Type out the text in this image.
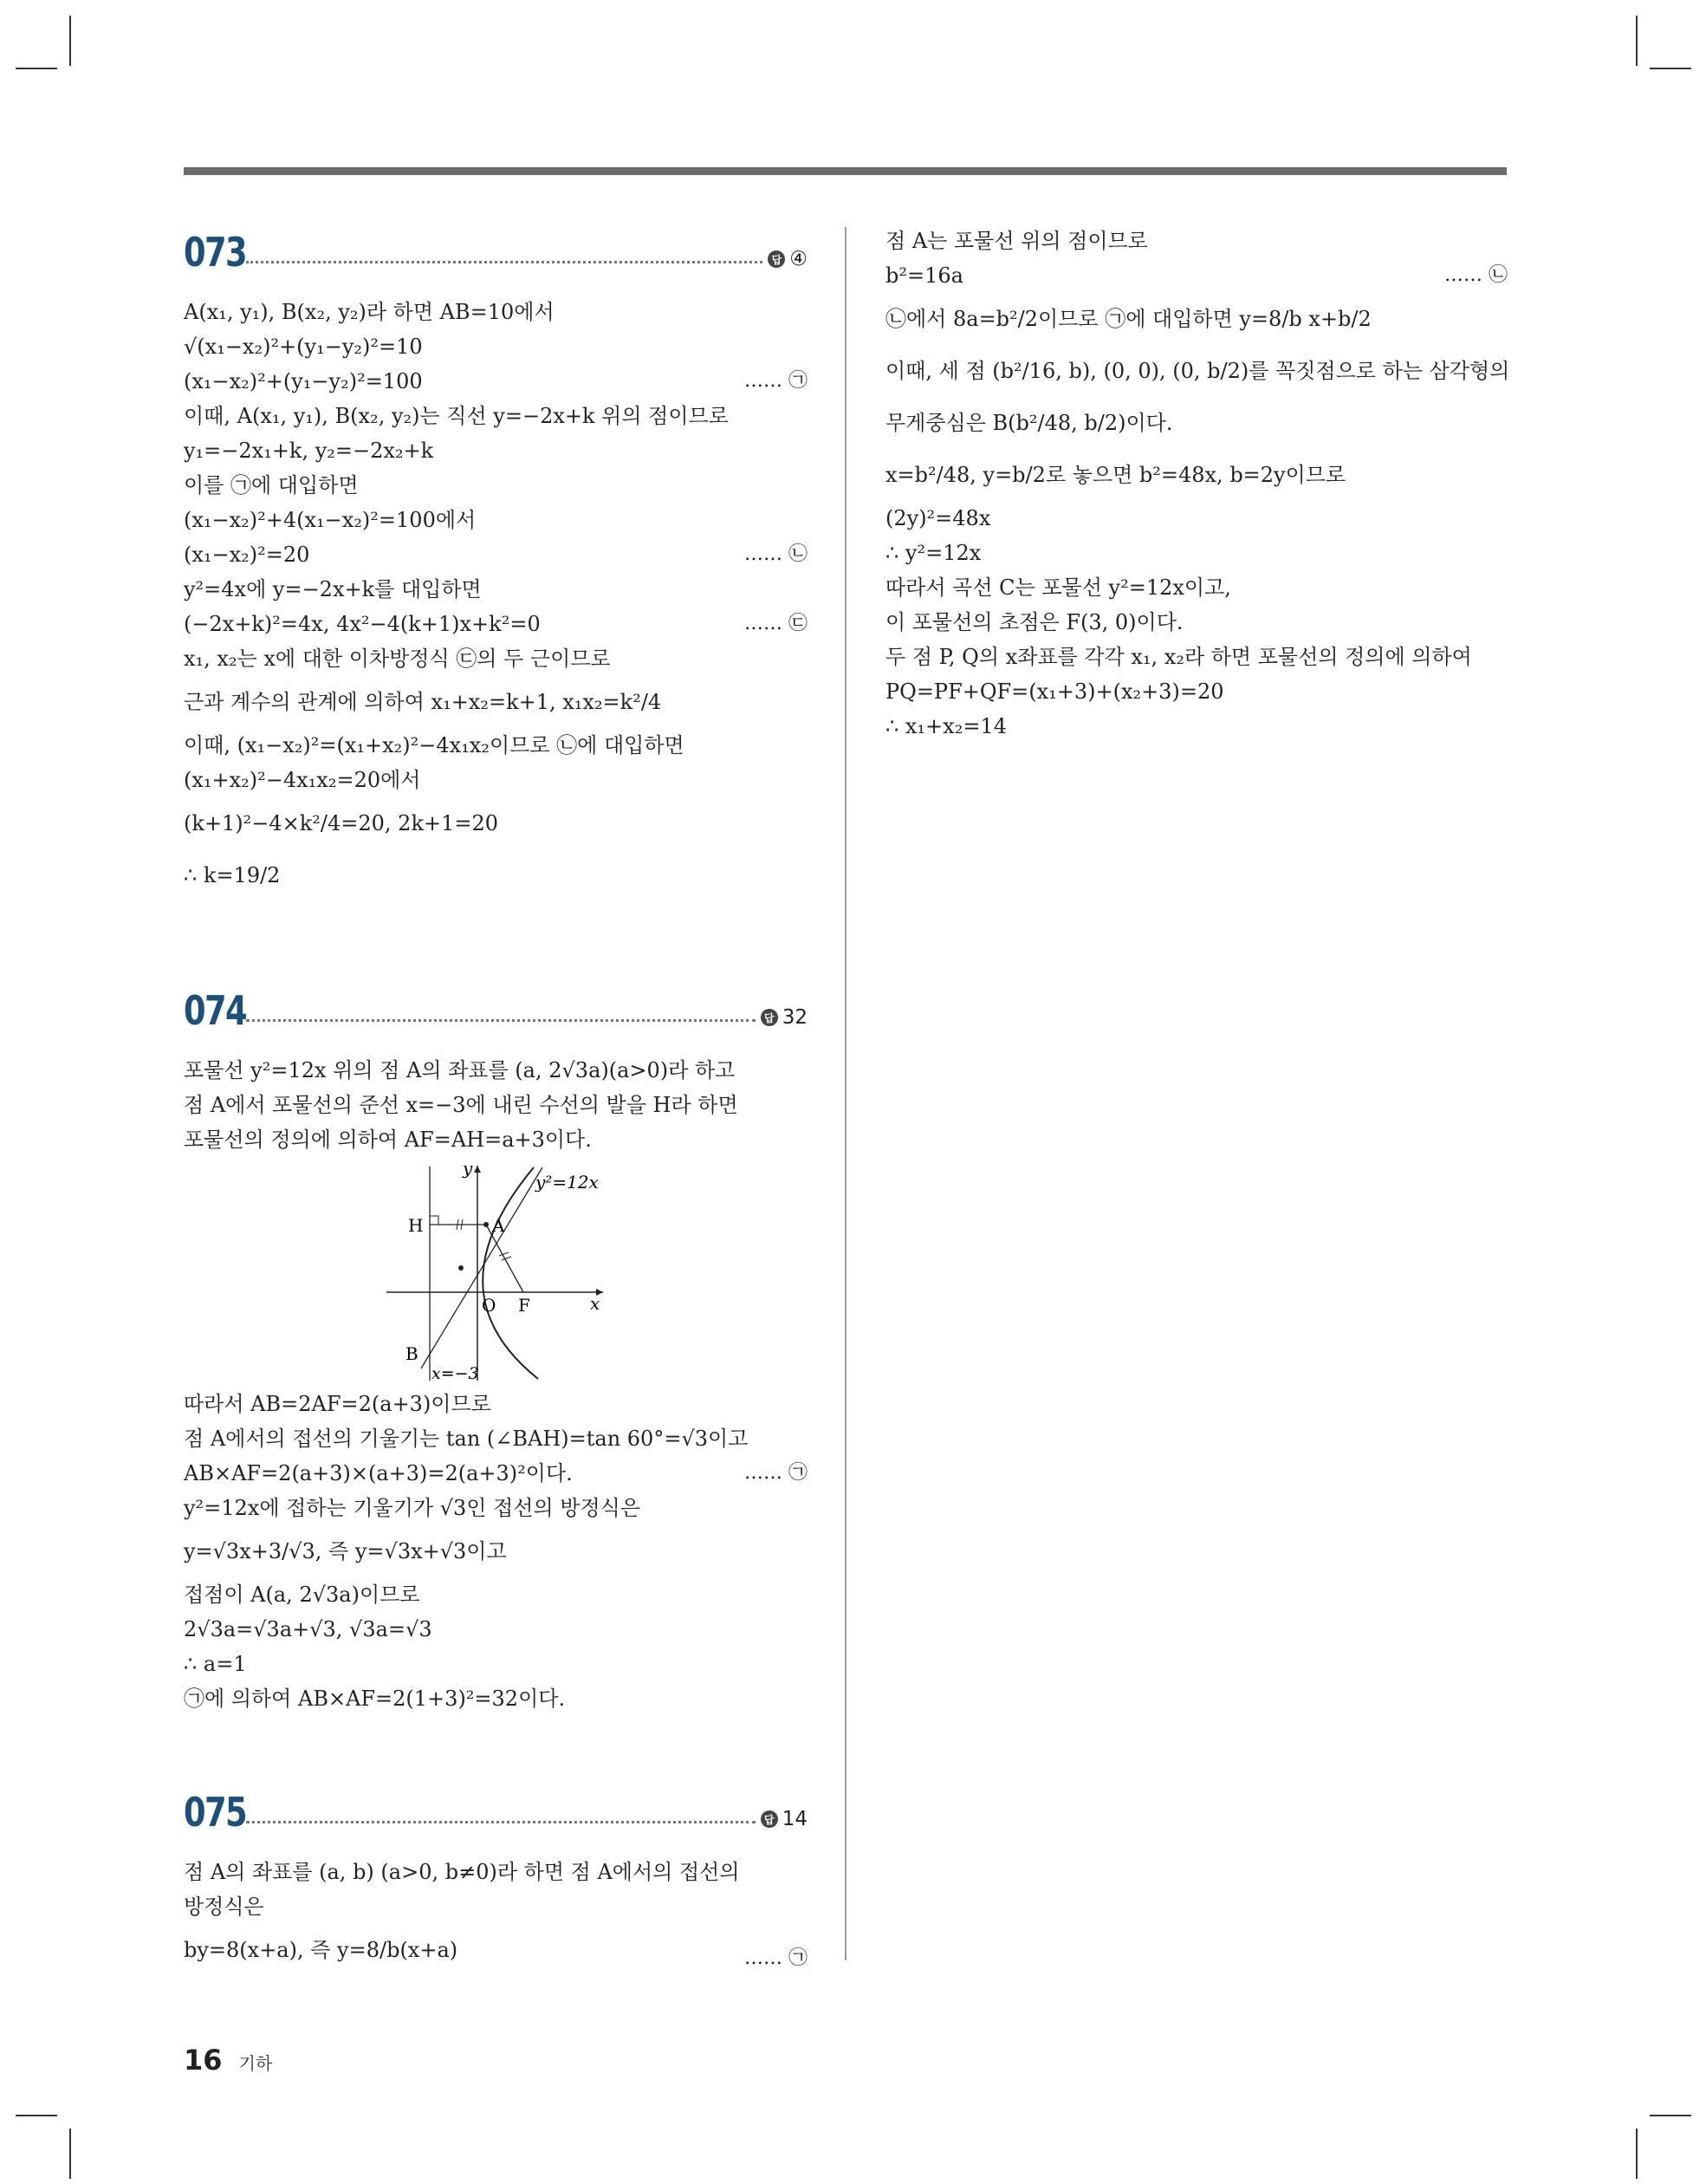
073	답 ④
A(x₁, y₁), B(x₂, y₂)라 하면 AB=10에서
√(x₁−x₂)²+(y₁−y₂)²=10
(x₁−x₂)²+(y₁−y₂)²=100	…… ㉠
이때, A(x₁, y₁), B(x₂, y₂)는 직선 y=−2x+k 위의 점이므로
y₁=−2x₁+k, y₂=−2x₂+k
이를 ㉠에 대입하면
(x₁−x₂)²+4(x₁−x₂)²=100에서
(x₁−x₂)²=20	…… ㉡
y²=4x에 y=−2x+k를 대입하면
(−2x+k)²=4x, 4x²−4(k+1)x+k²=0	…… ㉢
x₁, x₂는 x에 대한 이차방정식 ㉢의 두 근이므로
근과 계수의 관계에 의하여 x₁+x₂=k+1, x₁x₂=k²/4
이때, (x₁−x₂)²=(x₁+x₂)²−4x₁x₂이므로 ㉡에 대입하면
(x₁+x₂)²−4x₁x₂=20에서
(k+1)²−4×k²/4=20, 2k+1=20
∴ k=19/2
074	답 32
포물선 y²=12x 위의 점 A의 좌표를 (a, 2√3a)(a>0)라 하고
점 A에서 포물선의 준선 x=−3에 내린 수선의 발을 H라 하면
포물선의 정의에 의하여 AF=AH=a+3이다.
y²=12x
H	A
O F
B
x
y
x=−3
따라서 AB=2AF=2(a+3)이므로
점 A에서의 접선의 기울기는 tan (∠BAH)=tan 60°=√3이고
AB×AF=2(a+3)×(a+3)=2(a+3)²이다.	…… ㉠
y²=12x에 접하는 기울기가 √3인 접선의 방정식은
y=√3x+3/√3, 즉 y=√3x+√3이고
접점이 A(a, 2√3a)이므로
2√3a=√3a+√3, √3a=√3
∴ a=1
㉠에 의하여 AB×AF=2(1+3)²=32이다.
075	답 14
점 A의 좌표를 (a, b) (a>0, b≠0)라 하면 점 A에서의 접선의
방정식은
by=8(x+a), 즉 y=8/b(x+a)	…… ㉠
점 A는 포물선 위의 점이므로
b²=16a	…… ㉡
㉡에서 8a=b²/2이므로 ㉠에 대입하면 y=8/b x+b/2
이때, 세 점 (b²/16, b), (0, 0), (0, b/2)를 꼭짓점으로 하는 삼각형의
무게중심은 B(b²/48, b/2)이다.
x=b²/48, y=b/2로 놓으면 b²=48x, b=2y이므로
(2y)²=48x
∴ y²=12x
따라서 곡선 C는 포물선 y²=12x이고,
이 포물선의 초점은 F(3, 0)이다.
두 점 P, Q의 x좌표를 각각 x₁, x₂라 하면 포물선의 정의에 의하여
PQ=PF+QF=(x₁+3)+(x₂+3)=20
∴ x₁+x₂=14
16 기하
